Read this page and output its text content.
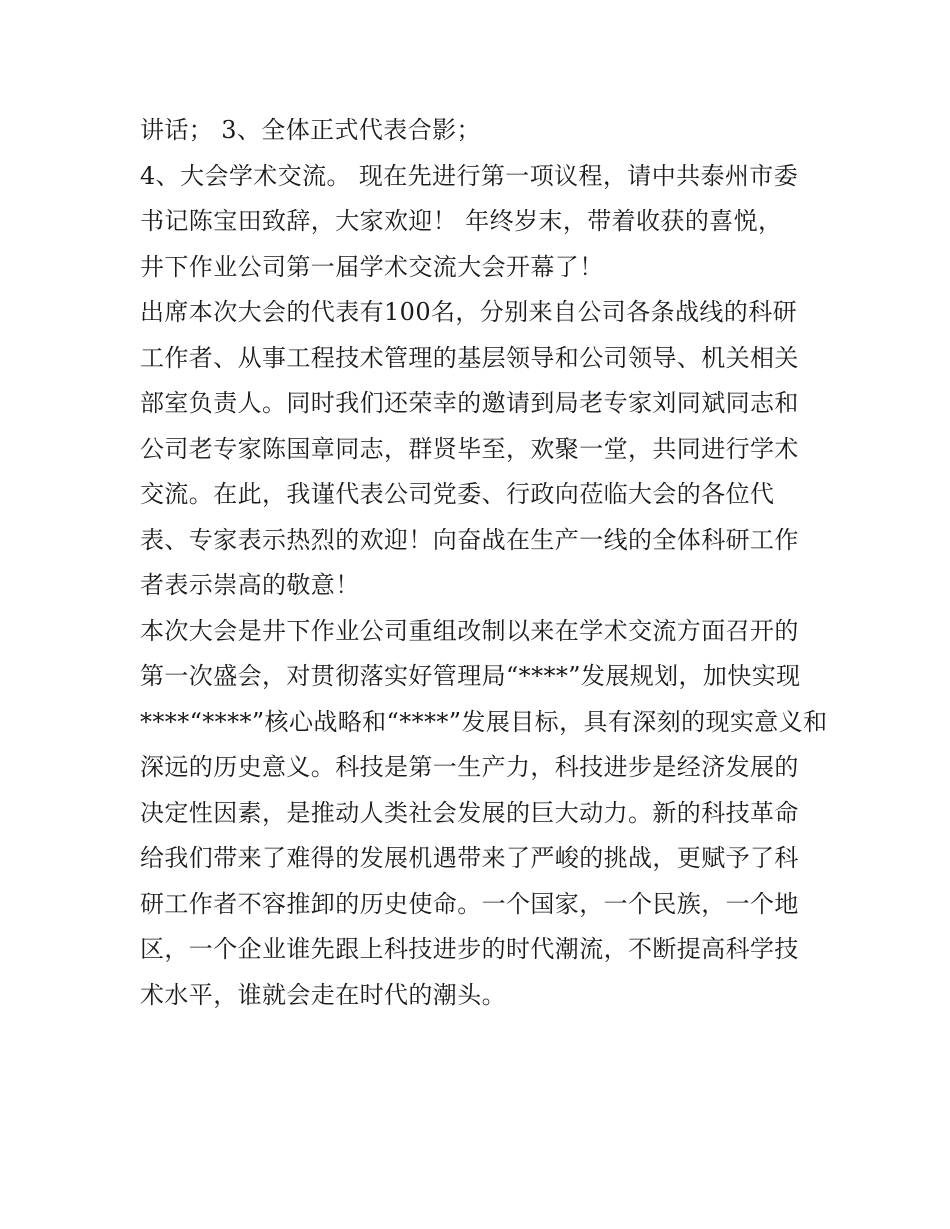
讲话； 3、全体正式代表合影；
4、大会学术交流。 现在先进行第一项议程，请中共泰州市委
书记陈宝田致辞，大家欢迎！ 年终岁末，带着收获的喜悦，
井下作业公司第一届学术交流大会开幕了！
出席本次大会的代表有100名，分别来自公司各条战线的科研
工作者、从事工程技术管理的基层领导和公司领导、机关相关
部室负责人。同时我们还荣幸的邀请到局老专家刘同斌同志和
公司老专家陈国章同志，群贤毕至，欢聚一堂，共同进行学术
交流。在此，我谨代表公司党委、行政向莅临大会的各位代
表、专家表示热烈的欢迎！向奋战在生产一线的全体科研工作
者表示崇高的敬意！
本次大会是井下作业公司重组改制以来在学术交流方面召开的
第一次盛会，对贯彻落实好管理局“****”发展规划，加快实现
****“****”核心战略和“****”发展目标，具有深刻的现实意义和
深远的历史意义。科技是第一生产力，科技进步是经济发展的
决定性因素，是推动人类社会发展的巨大动力。新的科技革命
给我们带来了难得的发展机遇带来了严峻的挑战，更赋予了科
研工作者不容推卸的历史使命。一个国家，一个民族，一个地
区，一个企业谁先跟上科技进步的时代潮流，不断提高科学技
术水平，谁就会走在时代的潮头。
